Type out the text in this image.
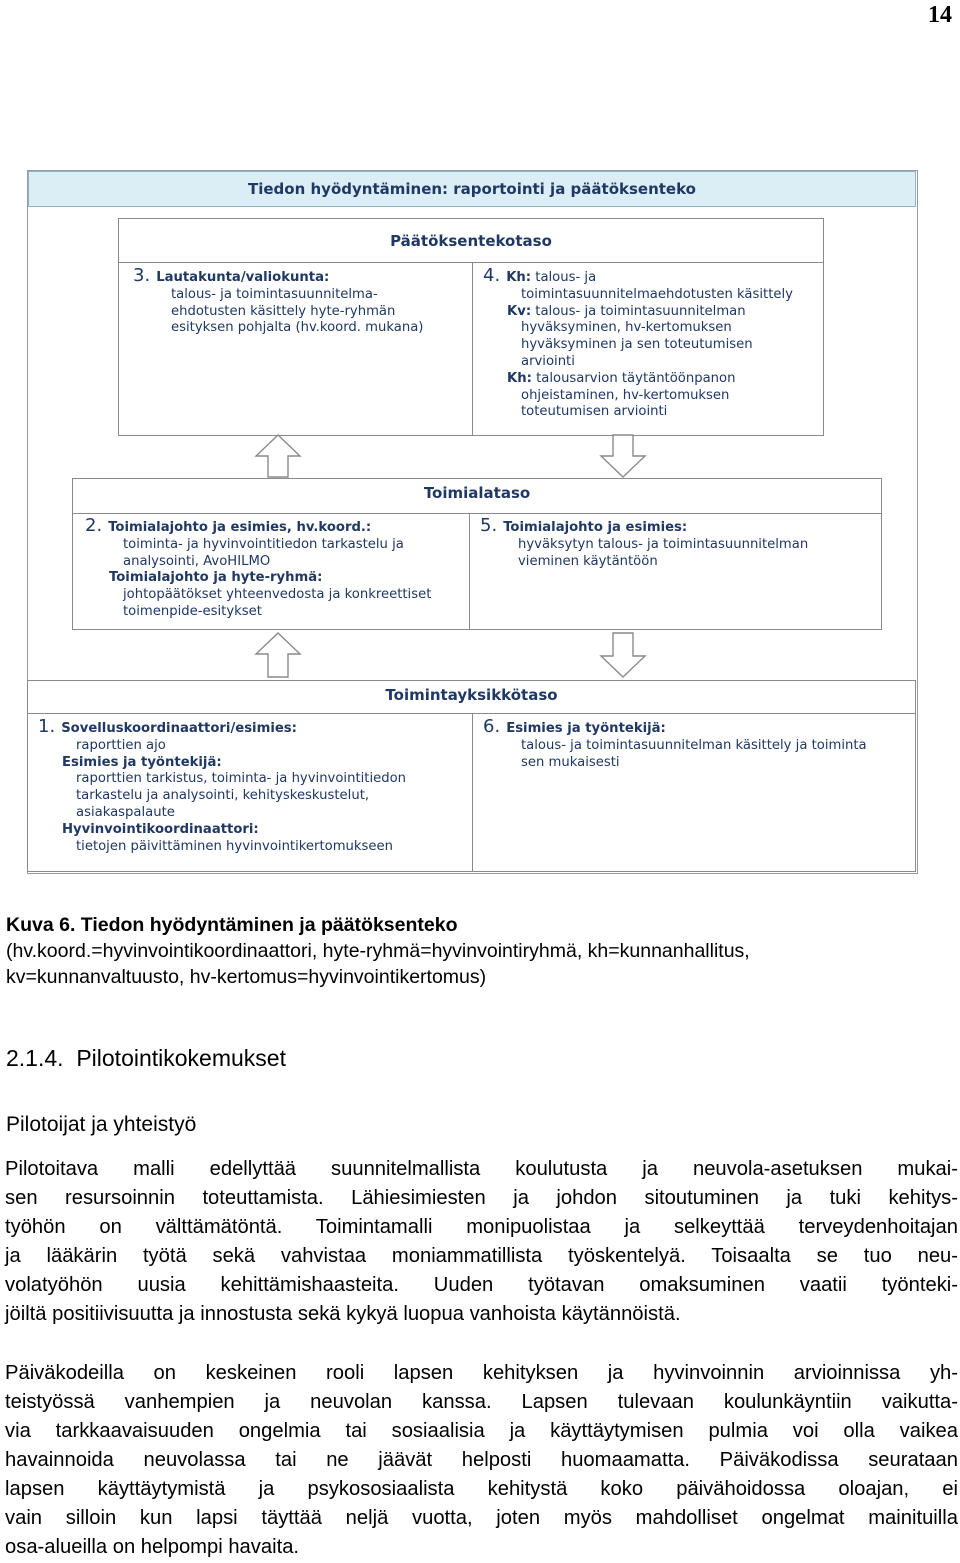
14
Tiedon hyödyntäminen: raportointi ja päätöksenteko
Päätöksentekotaso
3. Lautakunta/valiokunta:
talous- ja toimintasuunnitelma-
ehdotusten käsittely hyte-ryhmän
esityksen pohjalta (hv.koord. mukana)
4. Kh: talous- ja
toimintasuunnitelmaehdotusten käsittely
Kv: talous- ja toimintasuunnitelman
hyväksyminen, hv-kertomuksen
hyväksyminen ja sen toteutumisen
arviointi
Kh: talousarvion täytäntöönpanon
ohjeistaminen, hv-kertomuksen
toteutumisen arviointi
Toimialataso
2. Toimialajohto ja esimies, hv.koord.:
toiminta- ja hyvinvointitiedon tarkastelu ja
analysointi, AvoHILMO
Toimialajohto ja hyte-ryhmä:
johtopäätökset yhteenvedosta ja konkreettiset
toimenpide-esitykset
5. Toimialajohto ja esimies:
hyväksytyn talous- ja toimintasuunnitelman
vieminen käytäntöön
Toimintayksikkötaso
1. Sovelluskoordinaattori/esimies:
raporttien ajo
Esimies ja työntekijä:
raporttien tarkistus, toiminta- ja hyvinvointitiedon
tarkastelu ja analysointi, kehityskeskustelut,
asiakaspalaute
Hyvinvointikoordinaattori:
tietojen päivittäminen hyvinvointikertomukseen
6. Esimies ja työntekijä:
talous- ja toimintasuunnitelman käsittely ja toiminta
sen mukaisesti
Kuva 6. Tiedon hyödyntäminen ja päätöksenteko
(hv.koord.=hyvinvointikoordinaattori, hyte-ryhmä=hyvinvointiryhmä, kh=kunnanhallitus,
kv=kunnanvaltuusto, hv-kertomus=hyvinvointikertomus)
2.1.4.  Pilotointikokemukset
Pilotoijat ja yhteistyö
Pilotoitava malli edellyttää suunnitelmallista koulutusta ja neuvola-asetuksen mukai-
sen resursoinnin toteuttamista. Lähiesimiesten ja johdon sitoutuminen ja tuki kehitys-
työhön on välttämätöntä. Toimintamalli monipuolistaa ja selkeyttää terveydenhoitajan
ja lääkärin työtä sekä vahvistaa moniammatillista työskentelyä. Toisaalta se tuo neu-
volatyöhön uusia kehittämishaasteita. Uuden työtavan omaksuminen vaatii työnteki-
jöiltä positiivisuutta ja innostusta sekä kykyä luopua vanhoista käytännöistä.
Päiväkodeilla on keskeinen rooli lapsen kehityksen ja hyvinvoinnin arvioinnissa yh-
teistyössä vanhempien ja neuvolan kanssa. Lapsen tulevaan koulunkäyntiin vaikutta-
via tarkkaavaisuuden ongelmia tai sosiaalisia ja käyttäytymisen pulmia voi olla vaikea
havainnoida neuvolassa tai ne jäävät helposti huomaamatta. Päiväkodissa seurataan
lapsen käyttäytymistä ja psykososiaalista kehitystä koko päivähoidossa oloajan, ei
vain silloin kun lapsi täyttää neljä vuotta, joten myös mahdolliset ongelmat mainituilla
osa-alueilla on helpompi havaita.
